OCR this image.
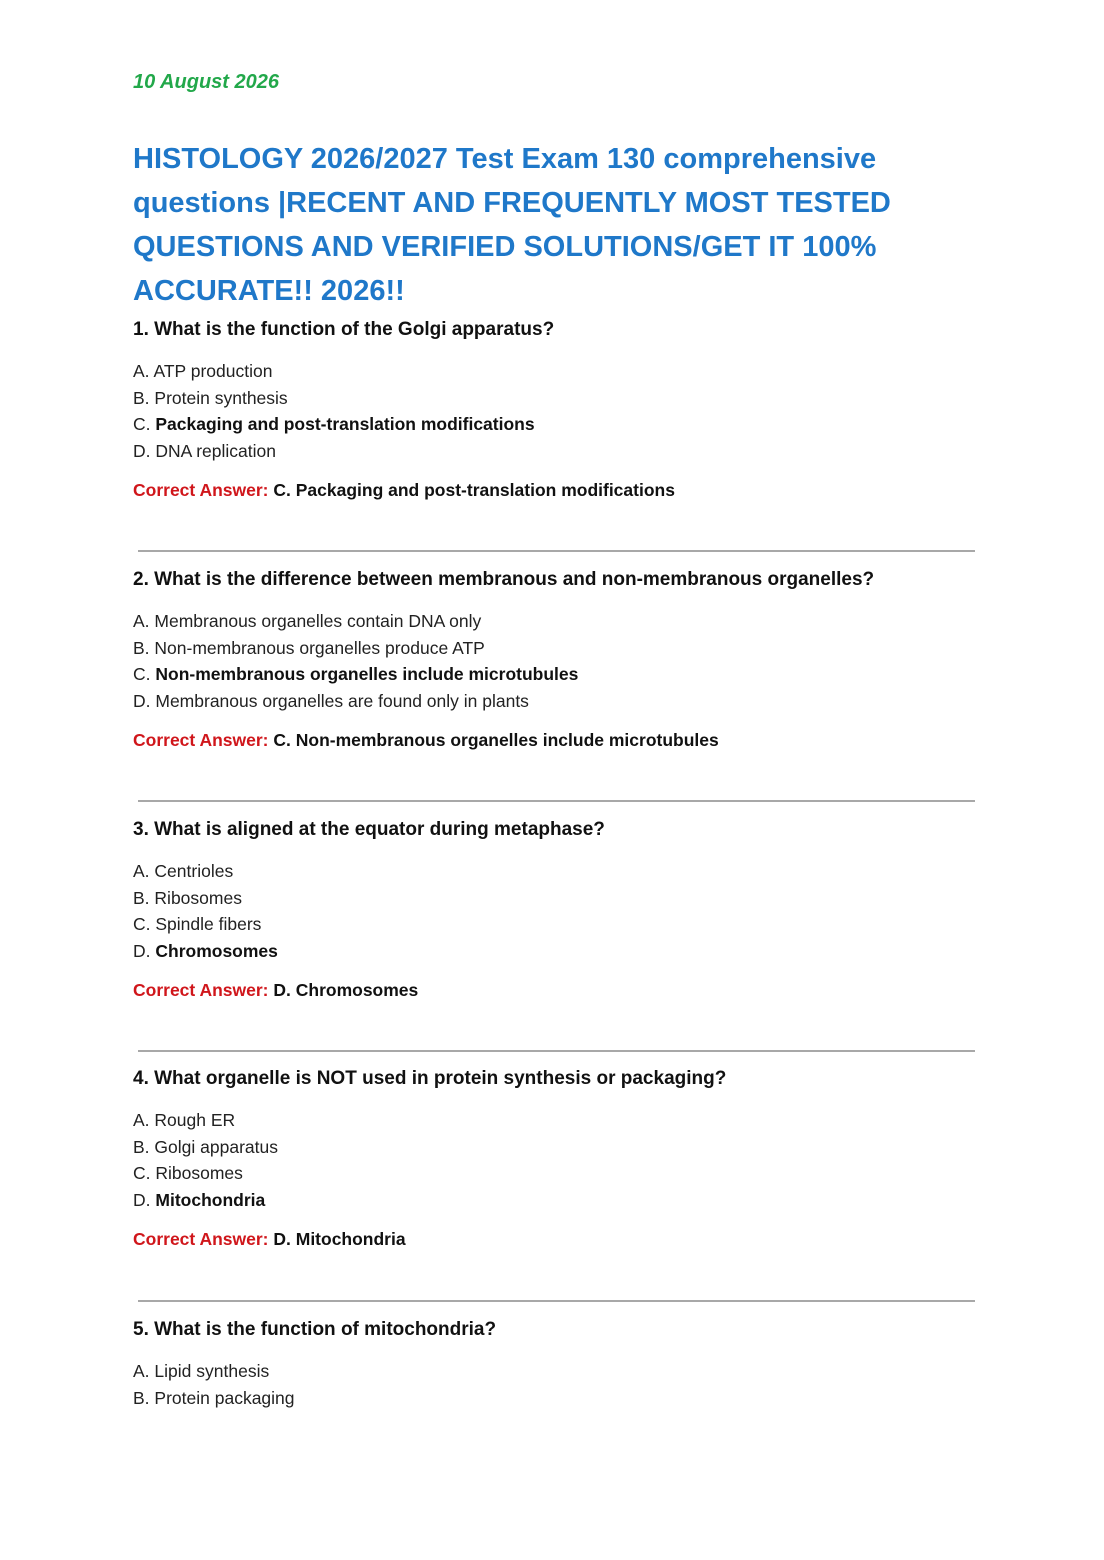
10 August 2026
HISTOLOGY 2026/2027 Test Exam 130 comprehensive questions |RECENT AND FREQUENTLY MOST TESTED QUESTIONS AND VERIFIED SOLUTIONS/GET IT 100% ACCURATE!! 2026!!
1. What is the function of the Golgi apparatus?
A. ATP production
B. Protein synthesis
C. Packaging and post-translation modifications
D. DNA replication
Correct Answer: C. Packaging and post-translation modifications
2. What is the difference between membranous and non-membranous organelles?
A. Membranous organelles contain DNA only
B. Non-membranous organelles produce ATP
C. Non-membranous organelles include microtubules
D. Membranous organelles are found only in plants
Correct Answer: C. Non-membranous organelles include microtubules
3. What is aligned at the equator during metaphase?
A. Centrioles
B. Ribosomes
C. Spindle fibers
D. Chromosomes
Correct Answer: D. Chromosomes
4. What organelle is NOT used in protein synthesis or packaging?
A. Rough ER
B. Golgi apparatus
C. Ribosomes
D. Mitochondria
Correct Answer: D. Mitochondria
5. What is the function of mitochondria?
A. Lipid synthesis
B. Protein packaging
